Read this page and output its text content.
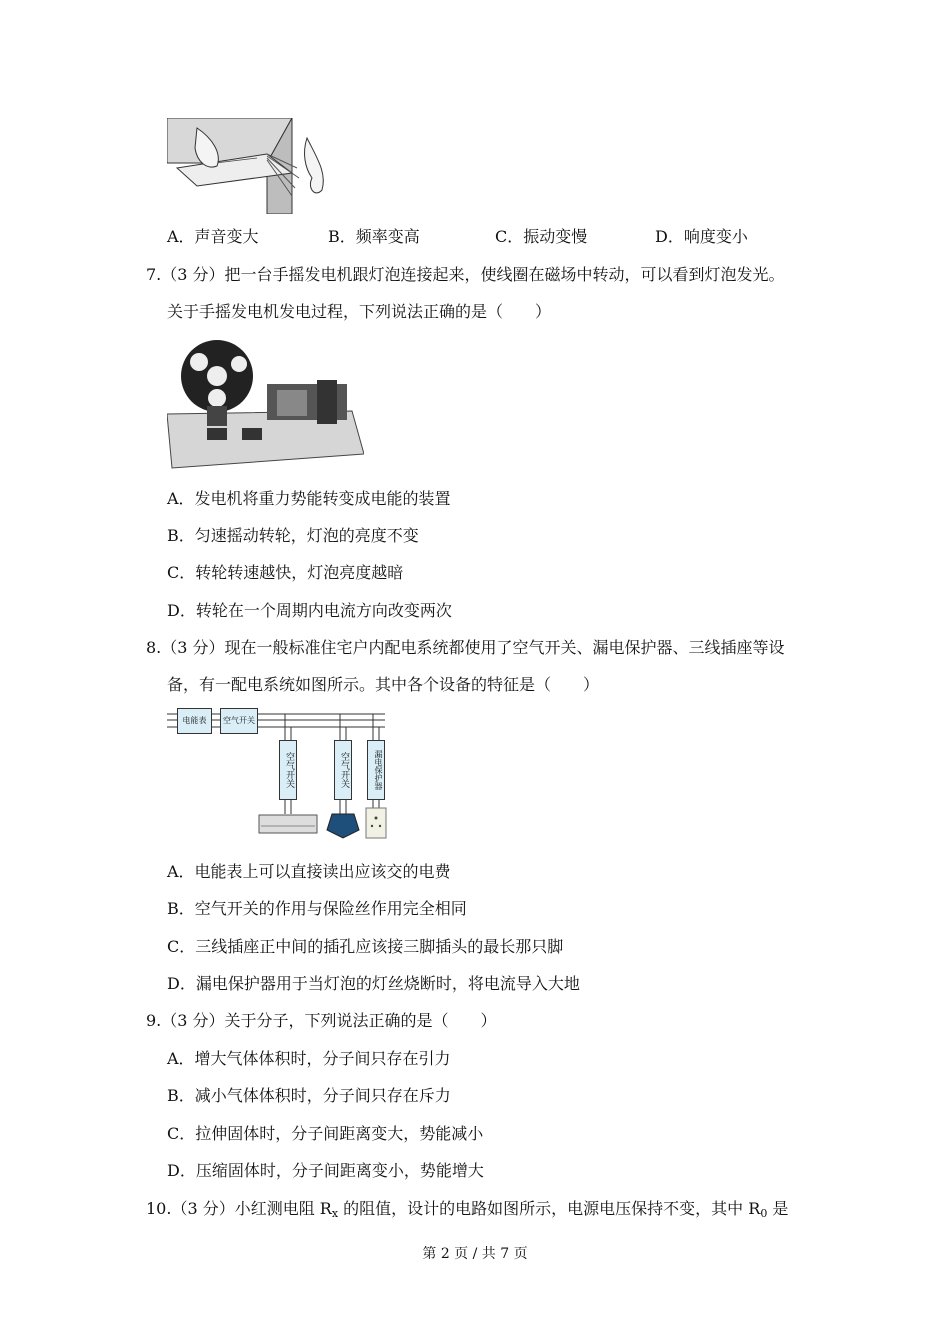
A．声音变大	B．频率变高	C．振动变慢	D．响度变小
7.（3 分）把一台手摇发电机跟灯泡连接起来，使线圈在磁场中转动，可以看到灯泡发光。
关于手摇发电机发电过程，下列说法正确的是（　　）
A．发电机将重力势能转变成电能的装置
B．匀速摇动转轮，灯泡的亮度不变
C．转轮转速越快，灯泡亮度越暗
D．转轮在一个周期内电流方向改变两次
8.（3 分）现在一般标准住宅户内配电系统都使用了空气开关、漏电保护器、三线插座等设
备，有一配电系统如图所示。其中各个设备的特征是（　　）
电能表	空气开关
空气开关	空气开关	漏电保护器
A．电能表上可以直接读出应该交的电费
B．空气开关的作用与保险丝作用完全相同
C．三线插座正中间的插孔应该接三脚插头的最长那只脚
D．漏电保护器用于当灯泡的灯丝烧断时，将电流导入大地
9.（3 分）关于分子，下列说法正确的是（　　）
A．增大气体体积时，分子间只存在引力
B．减小气体体积时，分子间只存在斥力
C．拉伸固体时，分子间距离变大，势能减小
D．压缩固体时，分子间距离变小，势能增大
10.（3 分）小红测电阻 $R_x$ 的阻值，设计的电路如图所示，电源电压保持不变，其中 $R_0$ 是
第 2 页 / 共 7 页
